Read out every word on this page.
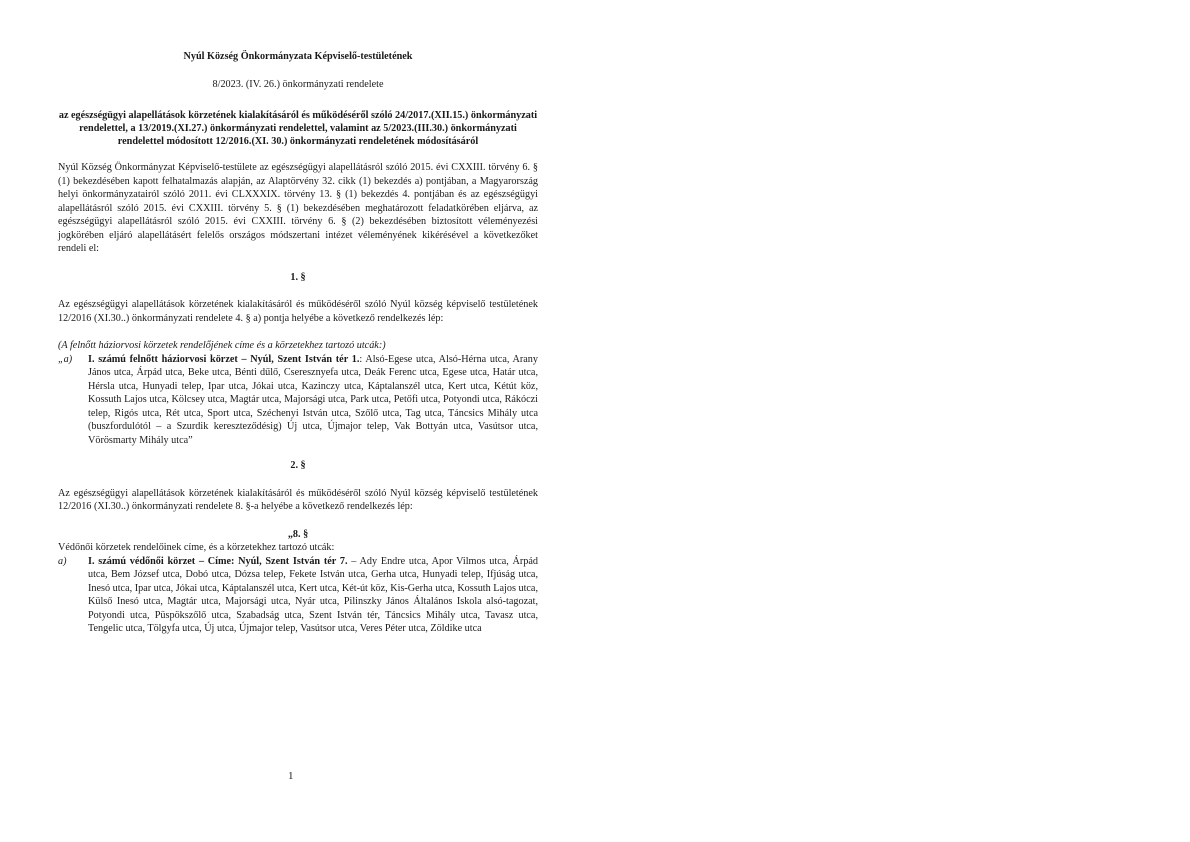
Nyúl Község Önkormányzata Képviselő-testületének

8/2023. (IV. 26.) önkormányzati rendelete

az egészségügyi alapellátások körzetének kialakításáról és működéséről szóló 24/2017.(XII.15.) önkormányzati rendelettel, a 13/2019.(XI.27.) önkormányzati rendelettel, valamint az 5/2023.(III.30.) önkormányzati rendelettel módosított 12/2016.(XI. 30.) önkormányzati rendeletének módosításáról

Nyúl Község Önkormányzat Képviselő-testülete az egészségügyi alapellátásról szóló 2015. évi CXXIII. törvény 6. § (1) bekezdésében kapott felhatalmazás alapján, az Alaptörvény 32. cikk (1) bekezdés a) pontjában, a Magyarország helyi önkormányzatairól szóló 2011. évi CLXXXIX. törvény 13. § (1) bekezdés 4. pontjában és az egészségügyi alapellátásról szóló 2015. évi CXXIII. törvény 5. § (1) bekezdésében meghatározott feladatkörében eljárva, az egészségügyi alapellátásról szóló 2015. évi CXXIII. törvény 6. § (2) bekezdésében biztosított véleményezési jogkörében eljáró alapellátásért felelős országos módszertani intézet véleményének kikérésével a következőket rendeli el:

1. §

Az egészségügyi alapellátások körzetének kialakításáról és működéséről szóló Nyúl község képviselő testületének 12/2016 (XI.30..) önkormányzati rendelete 4. § a) pontja helyébe a következő rendelkezés lép:

(A felnőtt háziorvosi körzetek rendelőjének címe és a körzetekhez tartozó utcák:)

„a) I. számú felnőtt háziorvosi körzet – Nyúl, Szent István tér 1.: Alsó-Egese utca, Alsó-Hérna utca, Arany János utca, Árpád utca, Beke utca, Bénti dűlő, Cseresznyefa utca, Deák Ferenc utca, Egese utca, Határ utca, Hérsla utca, Hunyadi telep, Ipar utca, Jókai utca, Kazinczy utca, Káptalanszél utca, Kert utca, Kétút köz, Kossuth Lajos utca, Kölcsey utca, Magtár utca, Majorsági utca, Park utca, Petőfi utca, Potyondi utca, Rákóczi telep, Rigós utca, Rét utca, Sport utca, Széchenyi István utca, Szőlő utca, Tag utca, Táncsics Mihály utca (buszfordulótól – a Szurdik kereszteződésig) Új utca, Újmajor telep, Vak Bottyán utca, Vasútsor utca, Vörösmarty Mihály utca”

2. §

Az egészségügyi alapellátások körzetének kialakításáról és működéséről szóló Nyúl község képviselő testületének 12/2016 (XI.30..) önkormányzati rendelete 8. §-a helyébe a következő rendelkezés lép:

„8. §

Védőnői körzetek rendelőinek címe, és a körzetekhez tartozó utcák:

a) I. számú védőnői körzet – Címe: Nyúl, Szent István tér 7. – Ady Endre utca, Apor Vilmos utca, Árpád utca, Bem József utca, Dobó utca, Dózsa telep, Fekete István utca, Gerha utca, Hunyadi telep, Ifjúság utca, Inesó utca, Ipar utca, Jókai utca, Káptalanszél utca, Kert utca, Két-út köz, Kis-Gerha utca, Kossuth Lajos utca, Külső Inesó utca, Magtár utca, Majorsági utca, Nyár utca, Pilinszky János Általános Iskola alsó-tagozat, Potyondi utca, Püspökszőlő utca, Szabadság utca, Szent István tér, Táncsics Mihály utca, Tavasz utca, Tengelic utca, Tölgyfa utca, Új utca, Újmajor telep, Vasútsor utca, Veres Péter utca, Zöldike utca
1
